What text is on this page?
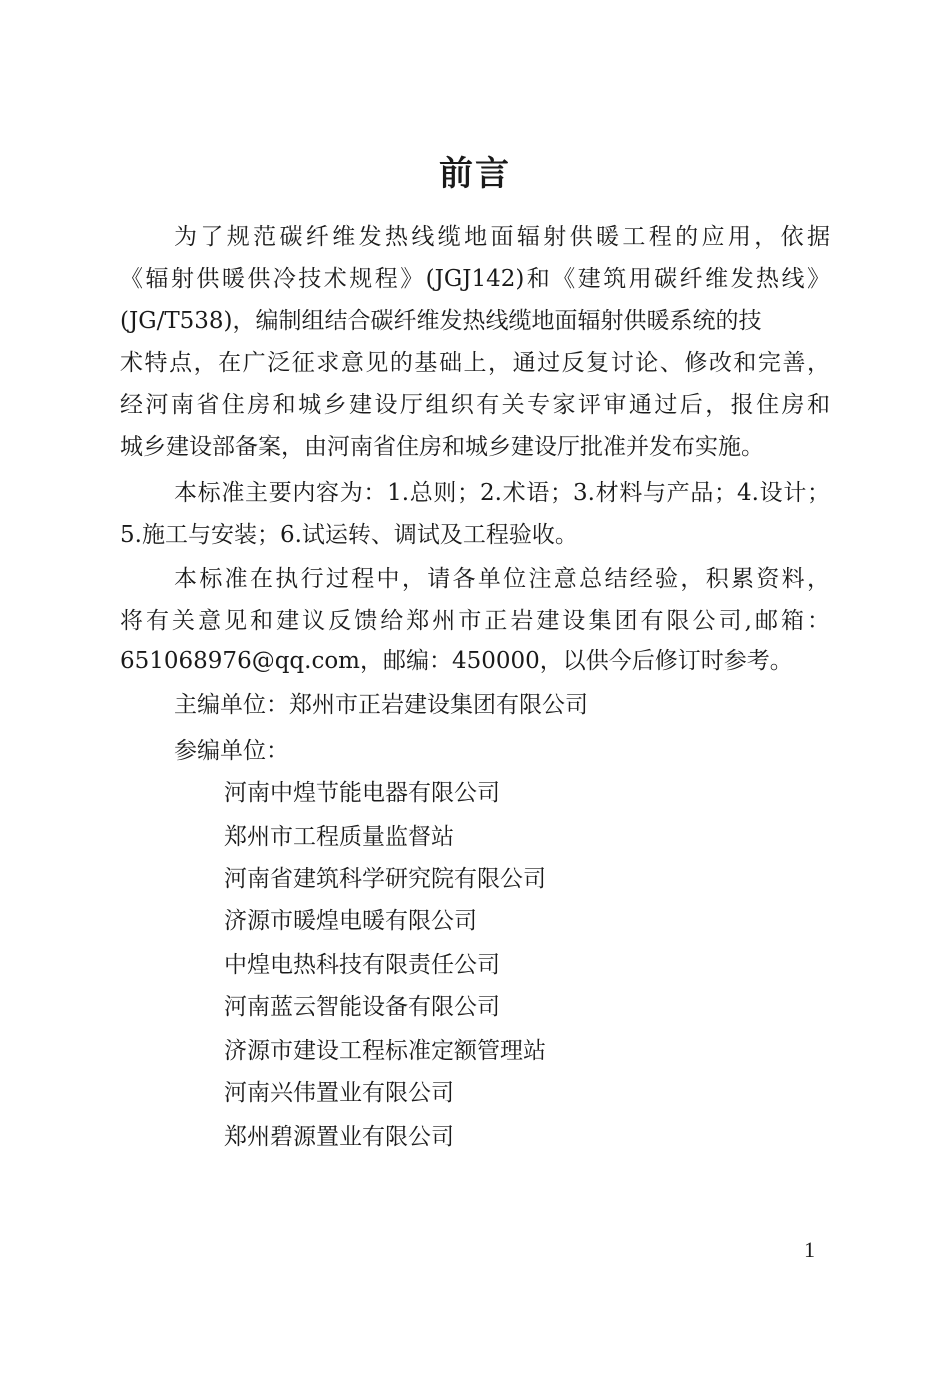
前言
为了规范碳纤维发热线缆地面辐射供暖工程的应用，依据
《辐射供暖供冷技术规程》(JGJ142)和《建筑用碳纤维发热线》
(JG/T538)，编制组结合碳纤维发热线缆地面辐射供暖系统的技
术特点，在广泛征求意见的基础上，通过反复讨论、修改和完善，
经河南省住房和城乡建设厅组织有关专家评审通过后，报住房和
城乡建设部备案，由河南省住房和城乡建设厅批准并发布实施。
本标准主要内容为：1.总则；2.术语；3.材料与产品；4.设计；
5.施工与安装；6.试运转、调试及工程验收。
本标准在执行过程中，请各单位注意总结经验，积累资料，
将有关意见和建议反馈给郑州市正岩建设集团有限公司,邮箱：
651068976@qq.com，邮编：450000，以供今后修订时参考。
主编单位：郑州市正岩建设集团有限公司
参编单位：
河南中煌节能电器有限公司
郑州市工程质量监督站
河南省建筑科学研究院有限公司
济源市暖煌电暖有限公司
中煌电热科技有限责任公司
河南蓝云智能设备有限公司
济源市建设工程标准定额管理站
河南兴伟置业有限公司
郑州碧源置业有限公司
1
